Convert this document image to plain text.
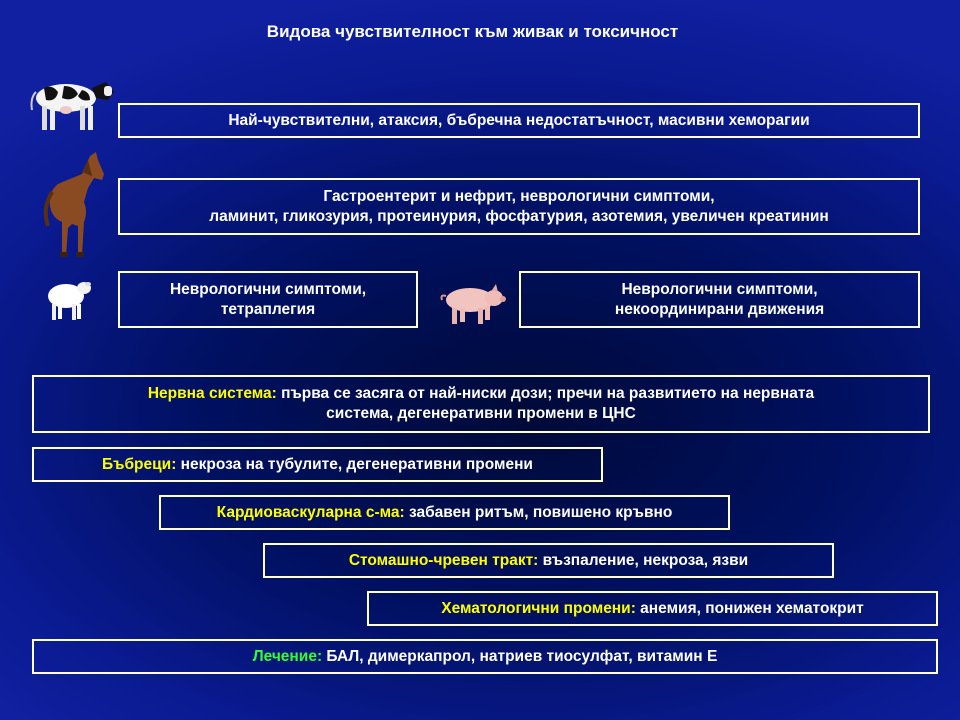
Видова чувствителност към живак и токсичност
Най-чувствителни, атаксия, бъбречна недостатъчност, масивни хеморагии
Гастроентерит и нефрит, неврологични симптоми,
ламинит, гликозурия, протеинурия, фосфатурия, азотемия, увеличен креатинин
Неврологични симптоми,
тетраплегия
Неврологични симптоми,
некоординирани движения
Нервна система: първа се засяга от най-ниски дози; пречи на развитието на нервната
система, дегенеративни промени в ЦНС
Бъбреци: некроза на тубулите, дегенеративни промени
Кардиоваскуларна с-ма: забавен ритъм, повишено кръвно
Стомашно-чревен тракт: възпаление, некроза, язви
Хематологични промени: анемия, понижен хематокрит
Лечение: БАЛ, димеркапрол, натриев тиосулфат, витамин Е
